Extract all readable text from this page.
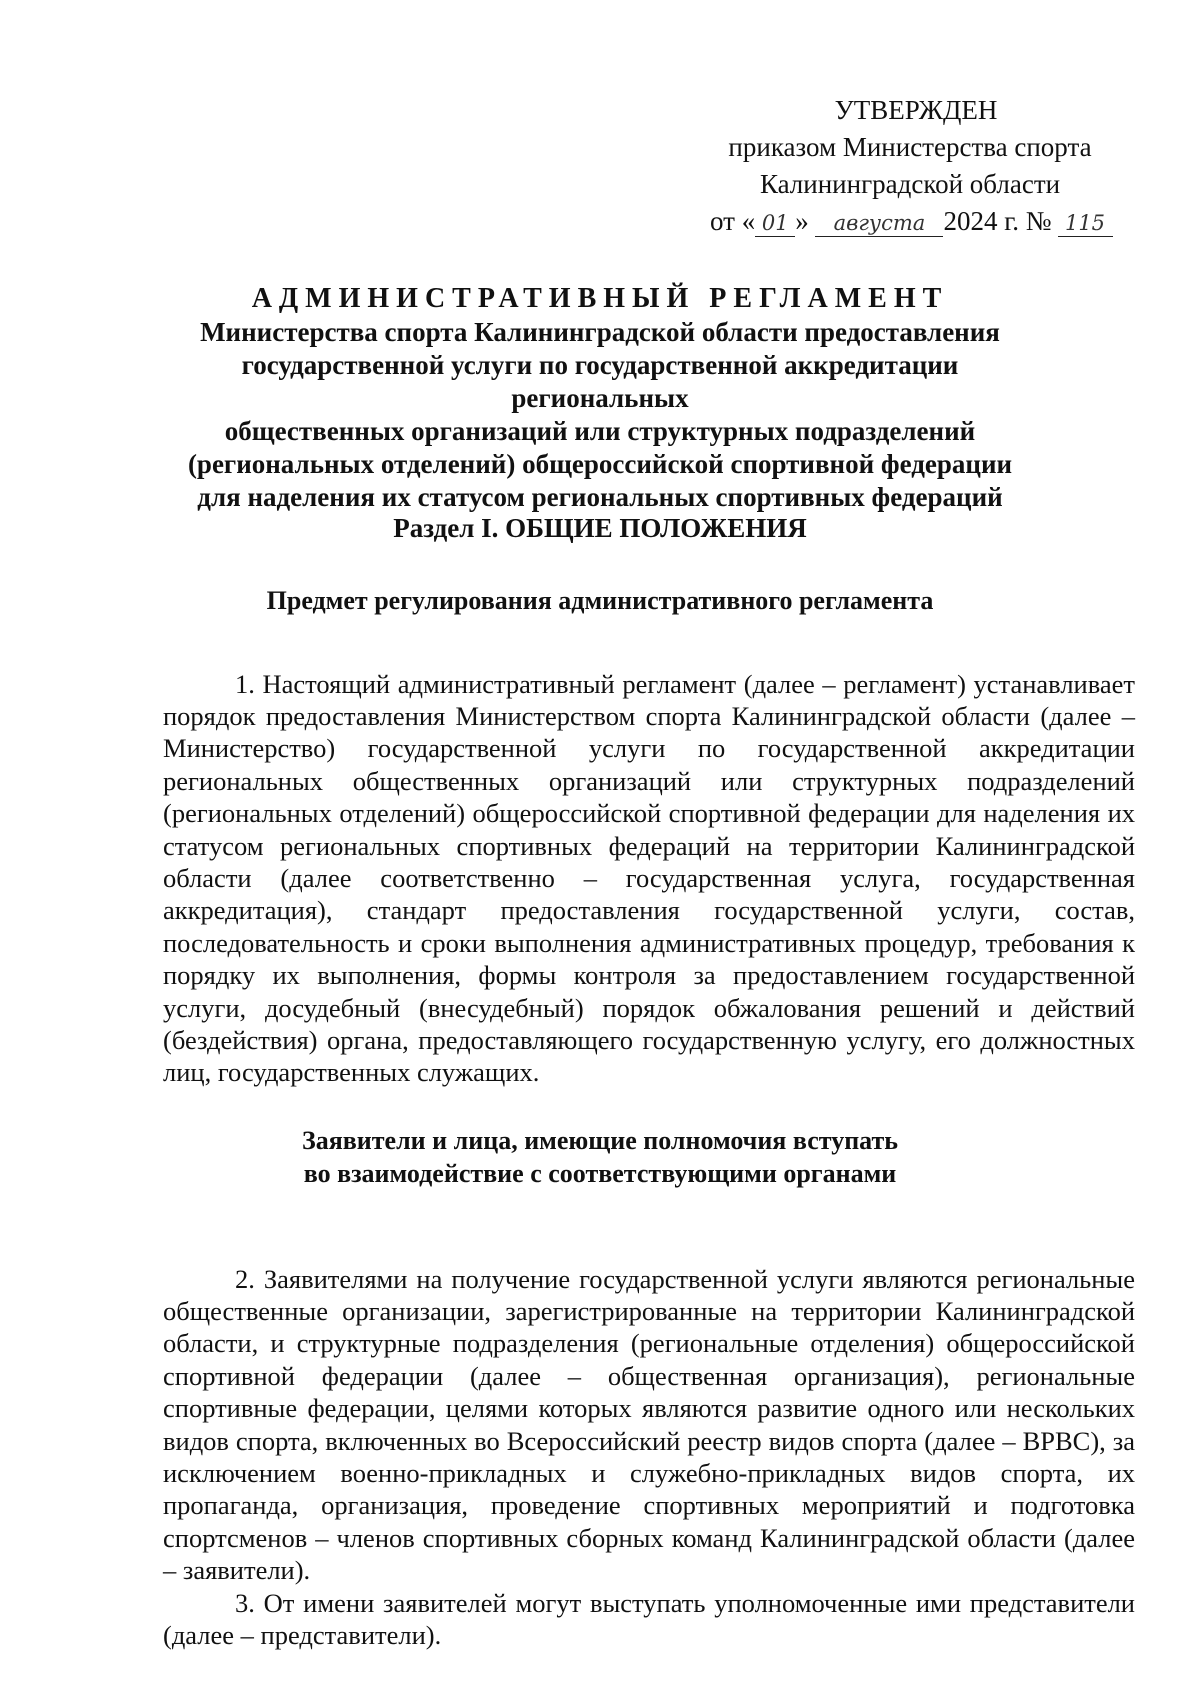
УТВЕРЖДЕН
приказом Министерства спорта
Калининградской области
от « 01 » августа 2024 г. № 115
АДМИНИСТРАТИВНЫЙ РЕГЛАМЕНТ
Министерства спорта Калининградской области предоставления
государственной услуги по государственной аккредитации региональных
общественных организаций или структурных подразделений
(региональных отделений) общероссийской спортивной федерации
для наделения их статусом региональных спортивных федераций
Раздел I. ОБЩИЕ ПОЛОЖЕНИЯ
Предмет регулирования административного регламента

1. Настоящий административный регламент (далее – регламент) устанавливает порядок предоставления Министерством спорта Калининградской области (далее – Министерство) государственной услуги по государственной аккредитации региональных общественных организаций или структурных подразделений (региональных отделений) общероссийской спортивной федерации для наделения их статусом региональных спортивных федераций на территории Калининградской области (далее соответственно – государственная услуга, государственная аккредитация), стандарт предоставления государственной услуги, состав, последовательность и сроки выполнения административных процедур, требования к порядку их выполнения, формы контроля за предоставлением государственной услуги, досудебный (внесудебный) порядок обжалования решений и действий (бездействия) органа, предоставляющего государственную услугу, его должностных лиц, государственных служащих.

Заявители и лица, имеющие полномочия вступать
во взаимодействие с соответствующими органами

2. Заявителями на получение государственной услуги являются региональные общественные организации, зарегистрированные на территории Калининградской области, и структурные подразделения (региональные отделения) общероссийской спортивной федерации (далее – общественная организация), региональные спортивные федерации, целями которых являются развитие одного или нескольких видов спорта, включенных во Всероссийский реестр видов спорта (далее – ВРВС), за исключением военно-прикладных и служебно-прикладных видов спорта, их пропаганда, организация, проведение спортивных мероприятий и подготовка спортсменов – членов спортивных сборных команд Калининградской области (далее – заявители).

3. От имени заявителей могут выступать уполномоченные ими представители (далее – представители).
